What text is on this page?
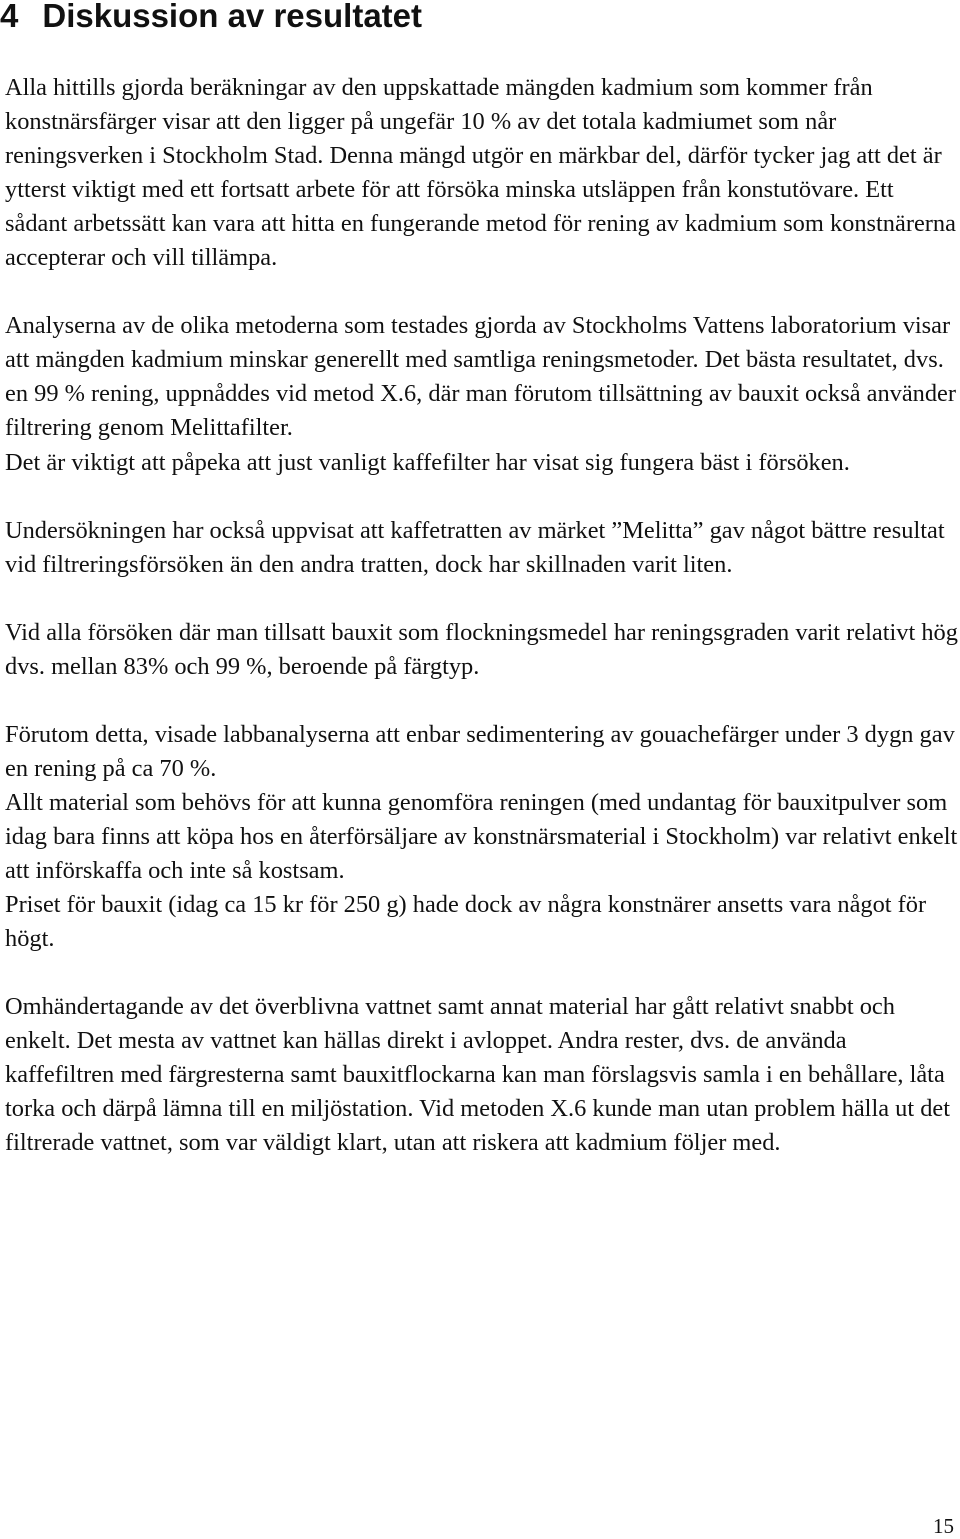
4 Diskussion av resultatet

Alla hittills gjorda beräkningar av den uppskattade mängden kadmium som kommer från konstnärsfärger visar att den ligger på ungefär 10 % av det totala kadmiumet som når reningsverken i Stockholm Stad. Denna mängd utgör en märkbar del, därför tycker jag att det är ytterst viktigt med ett fortsatt arbete för att försöka minska utsläppen från konstutövare. Ett sådant arbetssätt kan vara att hitta en fungerande metod för rening av kadmium som konstnärerna accepterar och vill tillämpa.

Analyserna av de olika metoderna som testades gjorda av Stockholms Vattens laboratorium visar att mängden kadmium minskar generellt med samtliga reningsmetoder. Det bästa resultatet, dvs. en 99 % rening, uppnåddes vid metod X.6, där man förutom tillsättning av bauxit också använder filtrering genom Melittafilter.

Det är viktigt att påpeka att just vanligt kaffefilter har visat sig fungera bäst i försöken.

Undersökningen har också uppvisat att kaffetratten av märket ”Melitta” gav något bättre resultat vid filtreringsförsöken än den andra tratten, dock har skillnaden varit liten.

Vid alla försöken där man tillsatt bauxit som flockningsmedel har reningsgraden varit relativt hög dvs. mellan 83% och 99 %, beroende på färgtyp.

Förutom detta, visade labbanalyserna att enbar sedimentering av gouachefärger under 3 dygn gav en rening på ca 70 %.

Allt material som behövs för att kunna genomföra reningen (med undantag för bauxitpulver som idag bara finns att köpa hos en återförsäljare av konstnärsmaterial i Stockholm) var relativt enkelt att införskaffa och inte så kostsam.

Priset för bauxit (idag ca 15 kr för 250 g) hade dock av några konstnärer ansetts vara något för högt.

Omhändertagande av det överblivna vattnet samt annat material har gått relativt snabbt och enkelt. Det mesta av vattnet kan hällas direkt i avloppet. Andra rester, dvs. de använda kaffefiltren med färgresterna samt bauxitflockarna kan man förslagsvis samla i en behållare, låta torka och därpå lämna till en miljöstation. Vid metoden X.6 kunde man utan problem hälla ut det filtrerade vattnet, som var väldigt klart, utan att riskera att kadmium följer med.

15
